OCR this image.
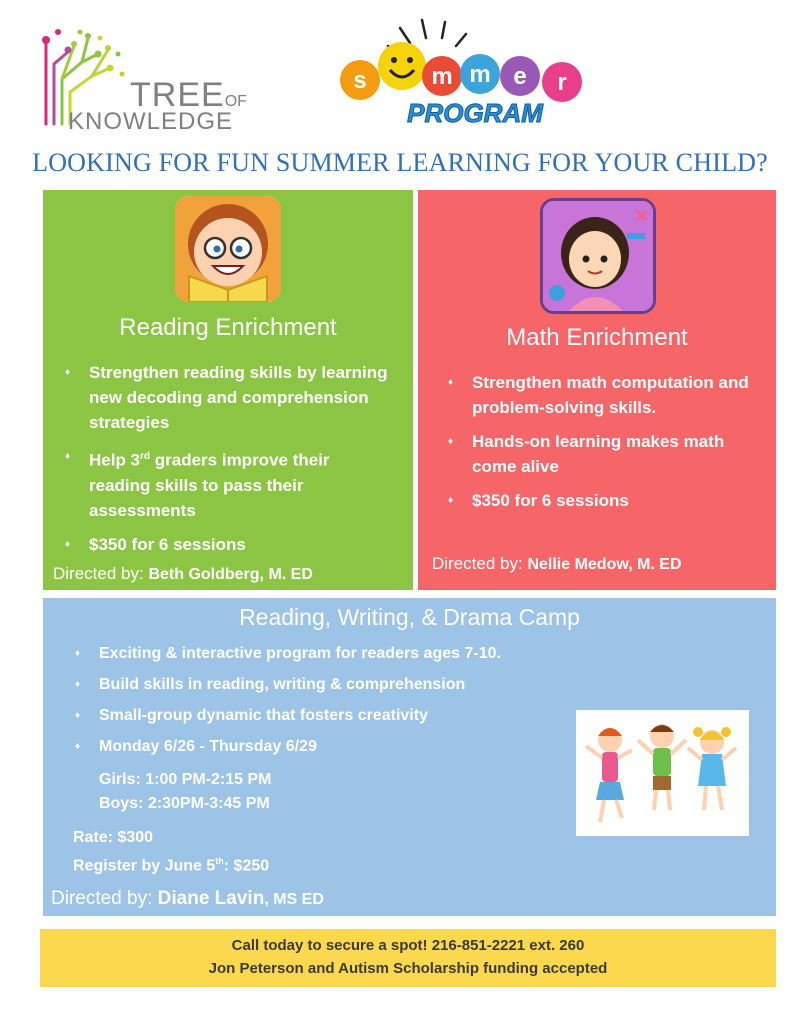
TREEOF
KNOWLEDGE
s	m m e r
PROGRAM
LOOKING FOR FUN SUMMER LEARNING FOR YOUR CHILD?
Reading Enrichment
♦ Strengthen reading skills by learning new decoding and comprehension strategies
♦ Help 3rd graders improve their reading skills to pass their assessments
♦ $350 for 6 sessions
Directed by: Beth Goldberg, M. ED
×
Math Enrichment
♦ Strengthen math computation and problem-solving skills.
♦ Hands-on learning makes math come alive
♦ $350 for 6 sessions
Directed by: Nellie Medow, M. ED
Reading, Writing, & Drama Camp
♦ Exciting & interactive program for readers ages 7-10.
♦ Build skills in reading, writing & comprehension
♦ Small-group dynamic that fosters creativity
♦ Monday 6/26 - Thursday 6/29
Girls: 1:00 PM-2:15 PM
Boys: 2:30PM-3:45 PM
Rate: $300
Register by June 5th: $250
Directed by: Diane Lavin, MS ED
Call today to secure a spot! 216-851-2221 ext. 260
Jon Peterson and Autism Scholarship funding accepted
